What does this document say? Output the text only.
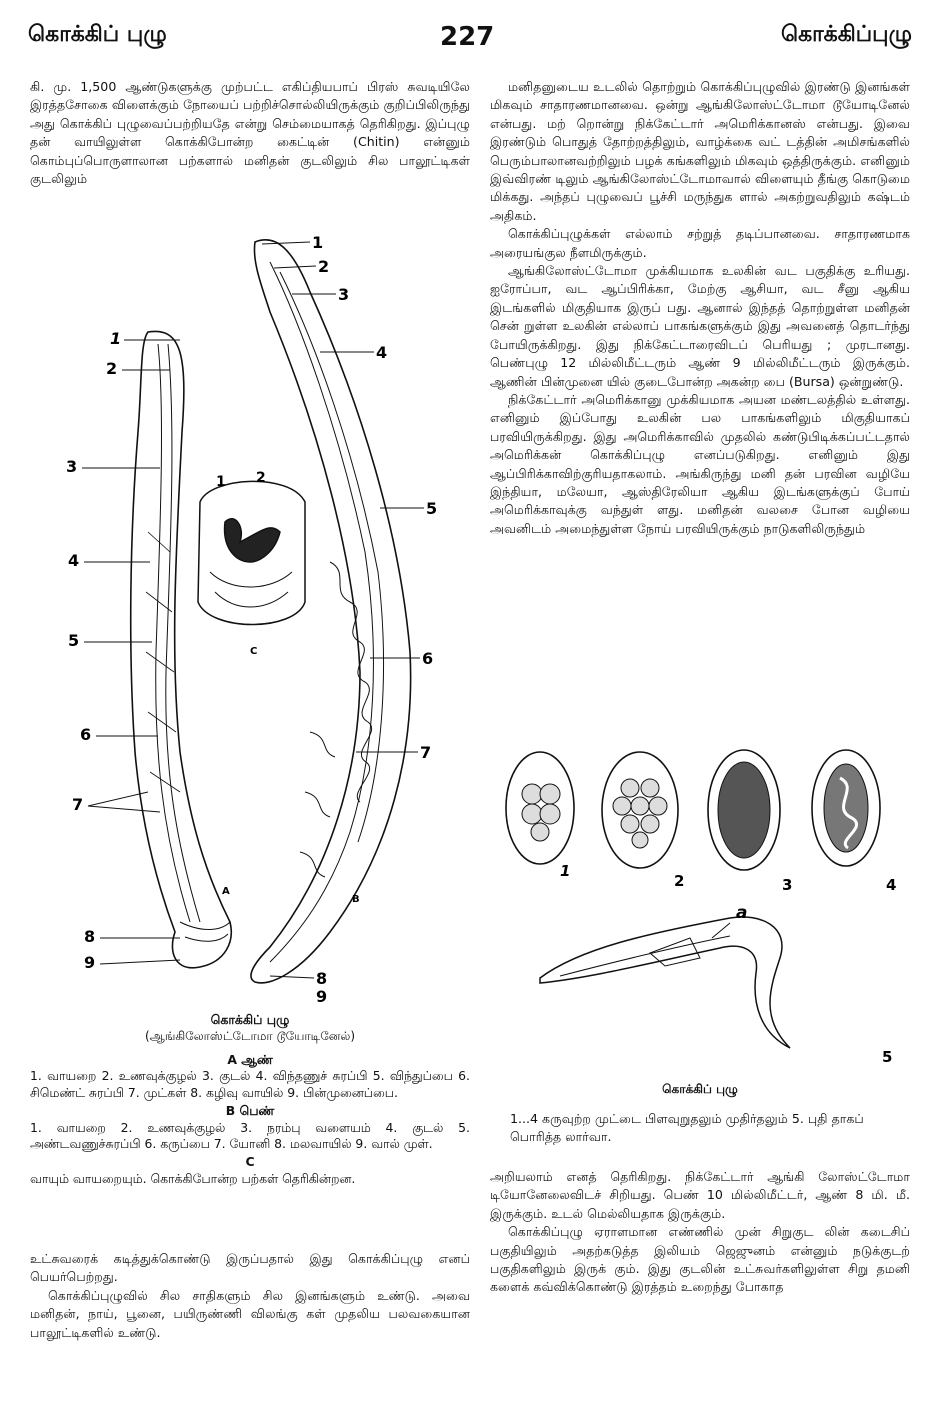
கொக்கிப் புழு	227	கொக்கிப்புழு

கி. மு. 1,500 ஆண்டுகளுக்கு முற்பட்ட எகிப்தியபாப் பிரஸ் சுவடியிலே இரத்தசோகை விளைக்கும் நோயைப் பற்றிச்சொல்லியிருக்கும் குறிப்பிலிருந்து அது கொக்கிப் புழுவைப்பற்றியதே என்று செம்மையாகத் தெரிகிறது. இப்புழு தன் வாயிலுள்ள கொக்கிபோன்ற கைட்டின் (Chitin) என்னும் கொம்புப்பொருளாலான பற்களால் மனிதன் குடலிலும் சில பாலூட்டிகள் குடலிலும்

மனிதனுடைய உடலில் தொற்றும் கொக்கிப்புழுவில் இரண்டு இனங்கள் மிகவும் சாதாரணமானவை. ஒன்று ஆங்கிலோஸ்ட்டோமா டூயோடினேல் என்பது. மற் றொன்று நிக்கேட்டார் அமெரிக்கானஸ் என்பது. இவை இரண்டும் பொதுத் தோற்றத்திலும், வாழ்க்கை வட் டத்தின் அமிசங்களில் பெரும்பாலானவற்றிலும் பழக் கங்களிலும் மிகவும் ஒத்திருக்கும். எனினும் இவ்விரண் டிலும் ஆங்கிலோஸ்ட்டோமாவால் விளையும் தீங்கு கொடுமை மிக்கது. அந்தப் புழுவைப் பூச்சி மருந்துக ளால் அகற்றுவதிலும் கஷ்டம் அதிகம்.

கொக்கிப்புழுக்கள் எல்லாம் சற்றுத் தடிப்பானவை. சாதாரணமாக அரையங்குல நீளமிருக்கும்.

ஆங்கிலோஸ்ட்டோமா முக்கியமாக உலகின் வட பகுதிக்கு உரியது. ஐரோப்பா, வட ஆப்பிரிக்கா, மேற்கு ஆசியா, வட சீனு ஆகிய இடங்களில் மிகுதியாக இருப் பது. ஆனால் இந்தத் தொற்றுள்ள மனிதன் சென் றுள்ள உலகின் எல்லாப் பாகங்களுக்கும் இது அவனைத் தொடர்ந்து போயிருக்கிறது. இது நிக்கேட்டாரைவிடப் பெரியது ; முரடானது. பெண்புழு 12 மில்லிமீட்டரும் ஆண் 9 மில்லிமீட்டரும் இருக்கும். ஆணின் பின்முனை யில் குடைபோன்ற அகன்ற பை (Bursa) ஒன்றுண்டு.

நிக்கேட்டார் அமெரிக்கானு முக்கியமாக அயன மண்டலத்தில் உள்ளது. எனினும் இப்போது உலகின் பல பாகங்களிலும் மிகுதியாகப் பரவியிருக்கிறது. இது அமெரிக்காவில் முதலில் கண்டுபிடிக்கப்பட்டதால் அமெரிக்கன் கொக்கிப்புழு எனப்படுகிறது. எனினும் இது ஆப்பிரிக்காவிற்குரியதாகலாம். அங்கிருந்து மனி தன் பரவின வழியே இந்தியா, மலேயா, ஆஸ்திரேலியா ஆகிய இடங்களுக்குப் போய் அமெரிக்காவுக்கு வந்துள் ளது. மனிதன் வலசை போன வழியை அவனிடம் அமைந்துள்ள நோய் பரவியிருக்கும் நாடுகளிலிருந்தும்

1
2
3
4
5
6
7
8
9
A
1
2
3
4
5
6
7
8
9
B
1 2
C
கொக்கிப் புழு
(ஆங்கிலோஸ்ட்டோமா டூயோடினேல்)
A ஆண்
1. வாயறை 2. உணவுக்குழல் 3. குடல் 4. விந்தணுச் சுரப்பி 5. விந்துப்பை 6. சிமெண்ட் சுரப்பி 7. முட்கள் 8. கழிவு வாயில் 9. பின்முனைப்பை.
B பெண்
1. வாயறை 2. உணவுக்குழல் 3. நரம்பு வளையம் 4. குடல் 5. அண்டவணுச்சுரப்பி 6. கருப்பை 7. யோனி 8. மலவாயில் 9. வால் முள்.
C
வாயும் வாயறையும். கொக்கிபோன்ற பற்கள் தெரிகின்றன.

உட்சுவரைக் கடித்துக்கொண்டு இருப்பதால் இது கொக்கிப்புழு எனப் பெயர்பெற்றது.

கொக்கிப்புழுவில் சில சாதிகளும் சில இனங்களும் உண்டு. அவை மனிதன், நாய், பூனை, பயிருண்ணி விலங்கு கள் முதலிய பலவகையான பாலூட்டிகளில் உண்டு.

1
2	3	4
a
5
கொக்கிப் புழு
1...4 கருவுற்ற முட்டை பிளவுறுதலும் முதிர்தலும் 5. புதி தாகப் பொரித்த லார்வா.

அறியலாம் எனத் தெரிகிறது. நிக்கேட்டார் ஆங்கி லோஸ்ட்டோமா டியோனேலைவிடச் சிறியது. பெண் 10 மில்லிமீட்டர், ஆண் 8 மி. மீ. இருக்கும். உடல் மெல்லியதாக இருக்கும்.

கொக்கிப்புழு ஏராளமான எண்ணில் முன் சிறுகுட லின் கடைசிப் பகுதியிலும் அதற்கடுத்த இலியம் ஜெஜுனம் என்னும் நடுக்குடற் பகுதிகளிலும் இருக் கும். இது குடலின் உட்சுவர்களிலுள்ள சிறு தமனி களைக் கவ்விக்கொண்டு இரத்தம் உறைந்து போகாத
